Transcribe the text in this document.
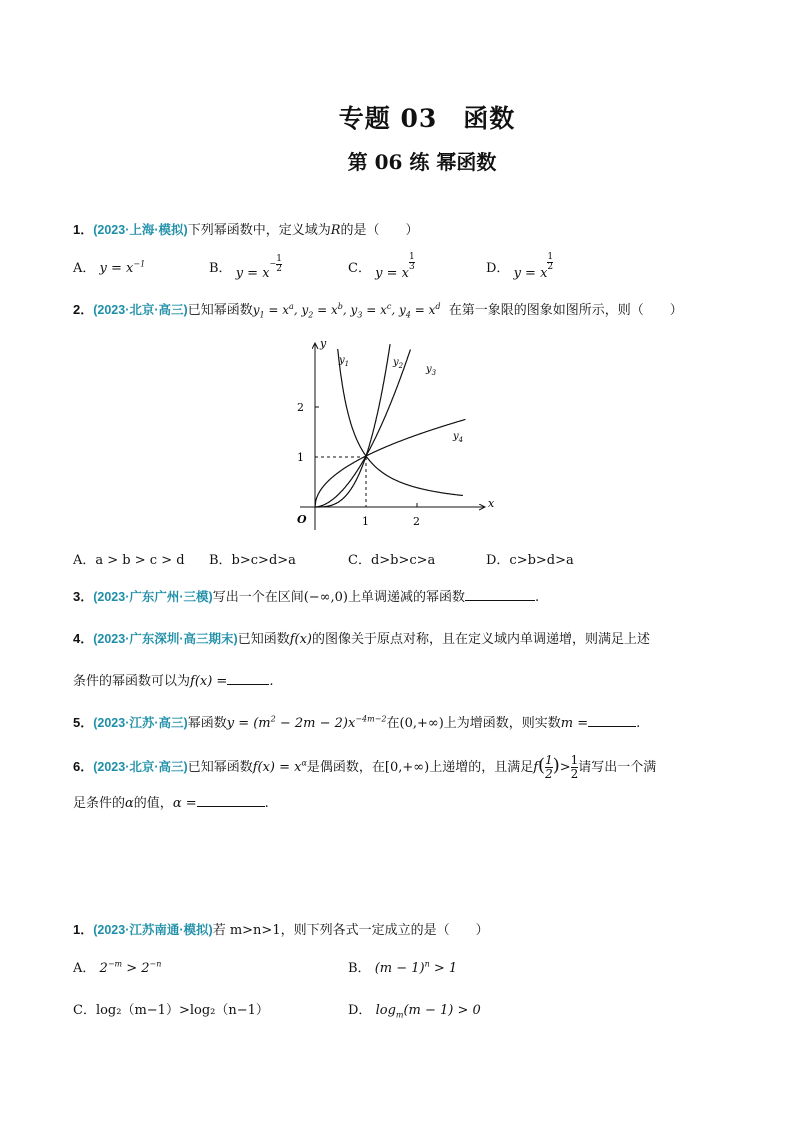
专题 03　函数
第 06 练 幂函数
1．(2023·上海·模拟)下列幂函数中，定义域为R的是（　　）
A． $y = x^{-1}$	B． $y = x^{- \frac{1}{2}}$	C． y = x
$\frac{1}{3}$	D． y = x
$\frac{1}{2}$
2．(2023·北京·高三)已知幂函数$y_1 = x^a$, $y_2 = x^b$, $y_3 = x^c$, $y_4 = x^d$ 在第一象限的图象如图所示，则（　　）
y
x
O	1	2
1
2
$y_1$	$y_2$ $y_3$
$y_4$
A．a > b > c > d B．b>c>d>a	C．d>b>c>a	D．c>b>d>a
3．(2023·广东广州·三模)写出一个在区间(−∞,0)上单调递减的幂函数	.
4．(2023·广东深圳·高三期末)已知函数f(x)的图像关于原点对称，且在定义域内单调递增，则满足上述
条件的幂函数可以为f(x) =	.
5．(2023·江苏·高三)幂函数$y = (m^2 - 2m - 2)x^{-4m-2}$在(0,+∞)上为增函数，则实数m =	.
6．(2023·北京·高三)已知幂函数$f(x) = x^\alpha$是偶函数，在[0,+∞)上递增的，且满足$f( \frac{1}{2}$ )> $\frac{1}{2}$ 请写出一个满
足条件的α的值，α =	.
1．(2023·江苏南通·模拟)若 m>n>1，则下列各式一定成立的是（　　）
A． $2^{-m} > 2^{-n}$	B． $(m - 1)^n > 1$
C．log₂（m−1）>log₂（n−1）	D． $\log_m(m - 1) > 0$
